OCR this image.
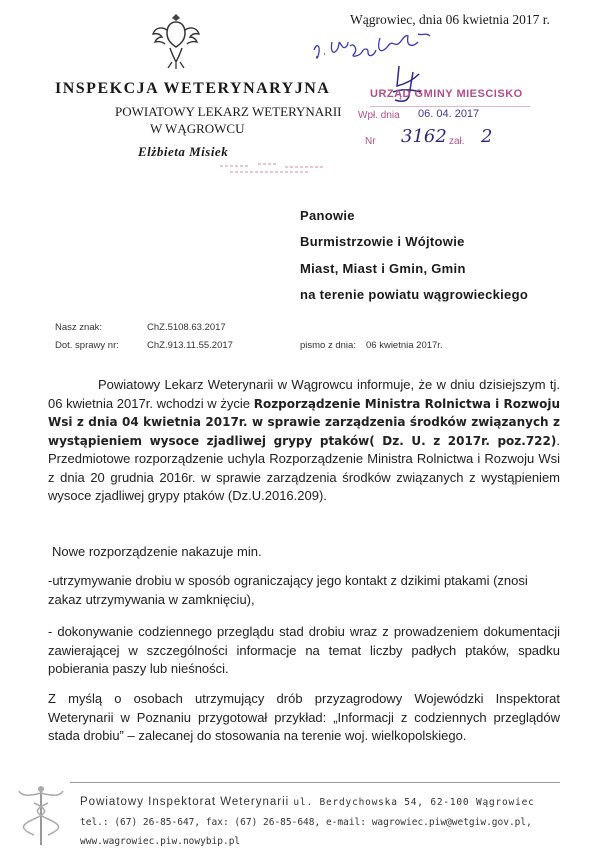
Wągrowiec, dnia 06 kwietnia 2017 r.
INSPEKCJA WETERYNARYJNA
POWIATOWY LEKARZ WETERYNARII
W WĄGROWCU
Elżbieta Misiek
URZĄD GMINY MIESCISKO
Wpł. dnia 06. 04. 2017
Nr 3162 zał. 2
Panowie
Burmistrzowie i Wójtowie
Miast, Miast i Gmin, Gmin
na terenie powiatu wągrowieckiego
Nasz znak:	ChZ.5108.63.2017
Dot. sprawy nr:	ChZ.913.11.55.2017	pismo z dnia: 06 kwietnia 2017r.
Powiatowy Lekarz Weterynarii w Wągrowcu informuje, że w dniu dzisiejszym tj. 06 kwietnia 2017r. wchodzi w życie Rozporządzenie Ministra Rolnictwa i Rozwoju Wsi z dnia 04 kwietnia 2017r. w sprawie zarządzenia środków związanych z wystąpieniem wysoce zjadliwej grypy ptaków( Dz. U. z 2017r. poz.722). Przedmiotowe rozporządzenie uchyla Rozporządzenie Ministra Rolnictwa i Rozwoju Wsi z dnia 20 grudnia 2016r. w sprawie zarządzenia środków związanych z wystąpieniem wysoce zjadliwej grypy ptaków (Dz.U.2016.209).
Nowe rozporządzenie nakazuje min.
-utrzymywanie drobiu w sposób ograniczający jego kontakt z dzikimi ptakami (znosi zakaz utrzymywania w zamknięciu),
- dokonywanie codziennego przeglądu stad drobiu wraz z prowadzeniem dokumentacji zawierającej w szczególności informacje na temat liczby padłych ptaków, spadku pobierania paszy lub nieśności.
Z myślą o osobach utrzymujący drób przyzagrodowy Wojewódzki Inspektorat Weterynarii w Poznaniu przygotował przykład: „Informacji z codziennych przeglądów stada drobiu” – zalecanej do stosowania na terenie woj. wielkopolskiego.
Powiatowy Inspektorat Weterynarii ul. Berdychowska 54, 62-100 Wągrowiec
tel.: (67) 26-85-647, fax: (67) 26-85-648, e-mail: wagrowiec.piw@wetgiw.gov.pl,
www.wagrowiec.piw.nowybip.pl
